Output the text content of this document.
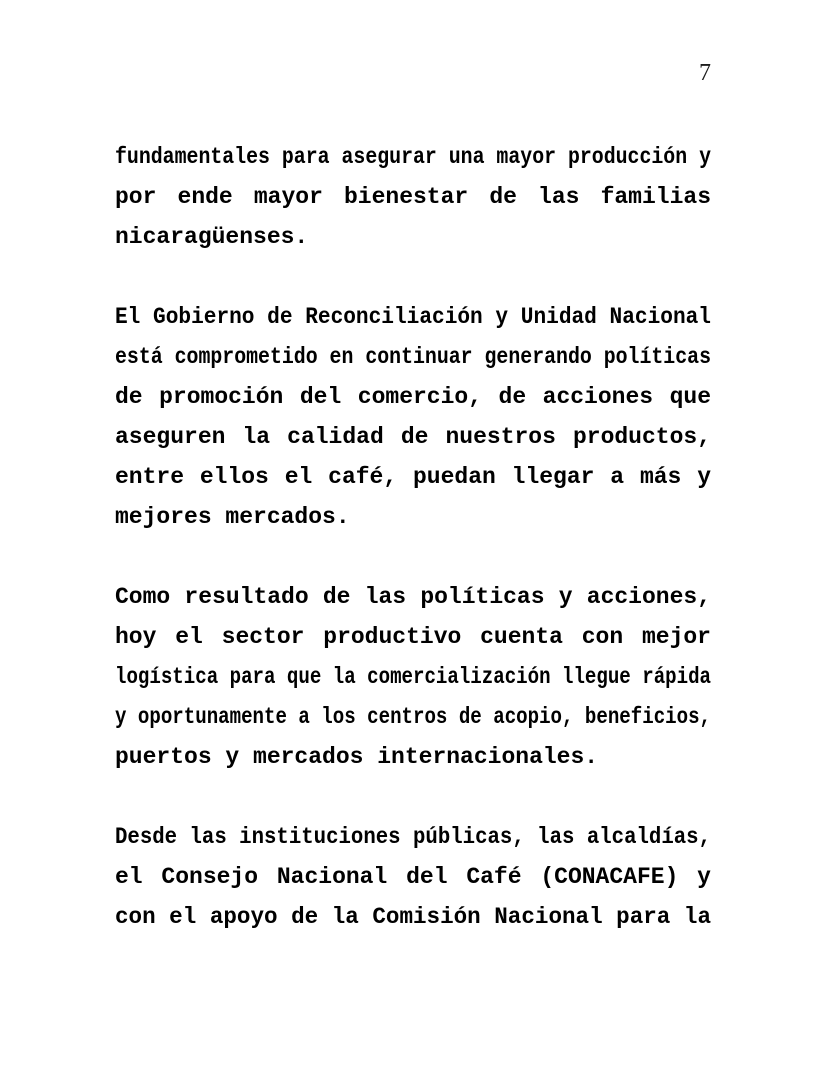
7
fundamentales para asegurar una mayor producción y
por ende mayor bienestar de las familias
nicaragüenses.
El Gobierno de Reconciliación y Unidad Nacional
está comprometido en continuar generando políticas
de promoción del comercio, de acciones que
aseguren la calidad de nuestros productos,
entre ellos el café, puedan llegar a más y
mejores mercados.
Como resultado de las políticas y acciones,
hoy el sector productivo cuenta con mejor
logística para que la comercialización llegue rápida
y oportunamente a los centros de acopio, beneficios,
puertos y mercados internacionales.
Desde las instituciones públicas, las alcaldías,
el Consejo Nacional del Café (CONACAFE) y
con el apoyo de la Comisión Nacional para la
